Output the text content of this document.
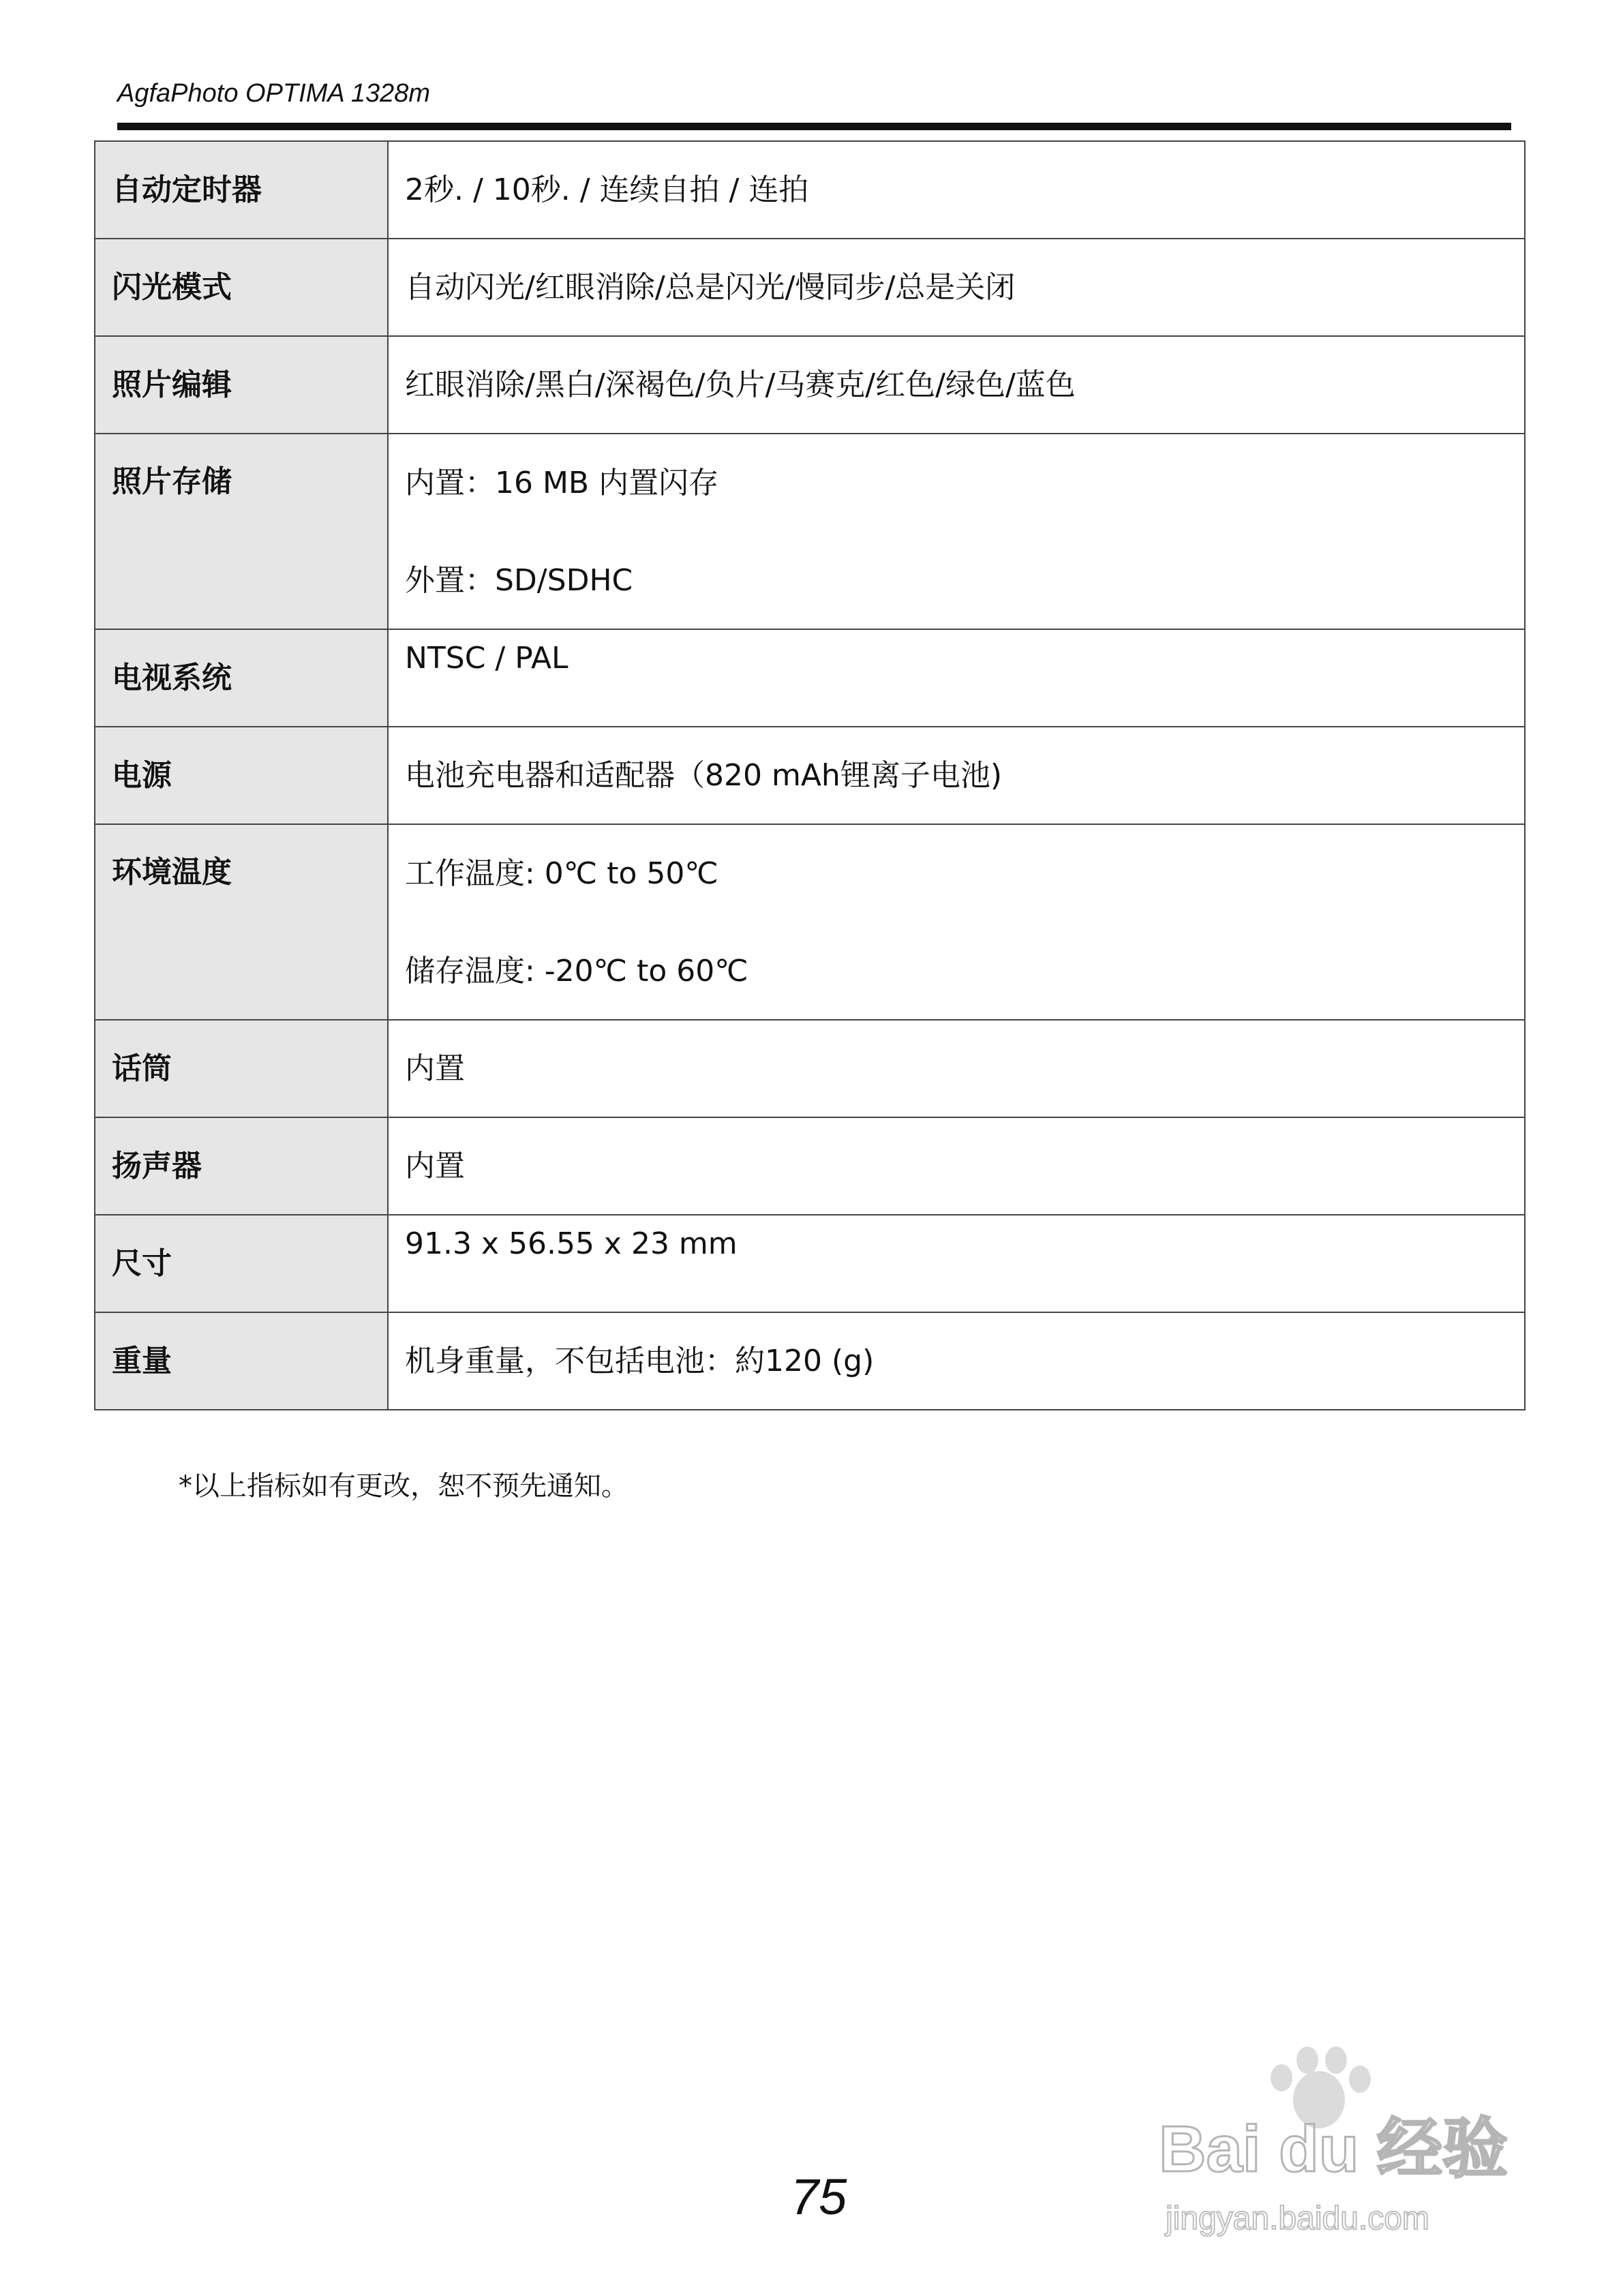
AgfaPhoto OPTIMA 1328m
自动定时器	2秒. / 10秒. / 连续自拍 / 连拍

闪光模式	自动闪光/红眼消除/总是闪光/慢同步/总是关闭

照片编辑	红眼消除/黑白/深褐色/负片/马赛克/红色/绿色/蓝色

照片存储	内置：16 MB 内置闪存
外置：SD/SDHC

电视系统	NTSC / PAL

电源	电池充电器和适配器（820 mAh锂离子电池)

环境温度	工作温度: 0℃ to 50℃
储存温度: -20℃ to 60℃

话筒	内置

扬声器	内置

尺寸	91.3 x 56.55 x 23 mm

重量	机身重量，不包括电池：約120 (g)
*以上指标如有更改，恕不预先通知。
75
Bai du 经验
jingyan.baidu.com
